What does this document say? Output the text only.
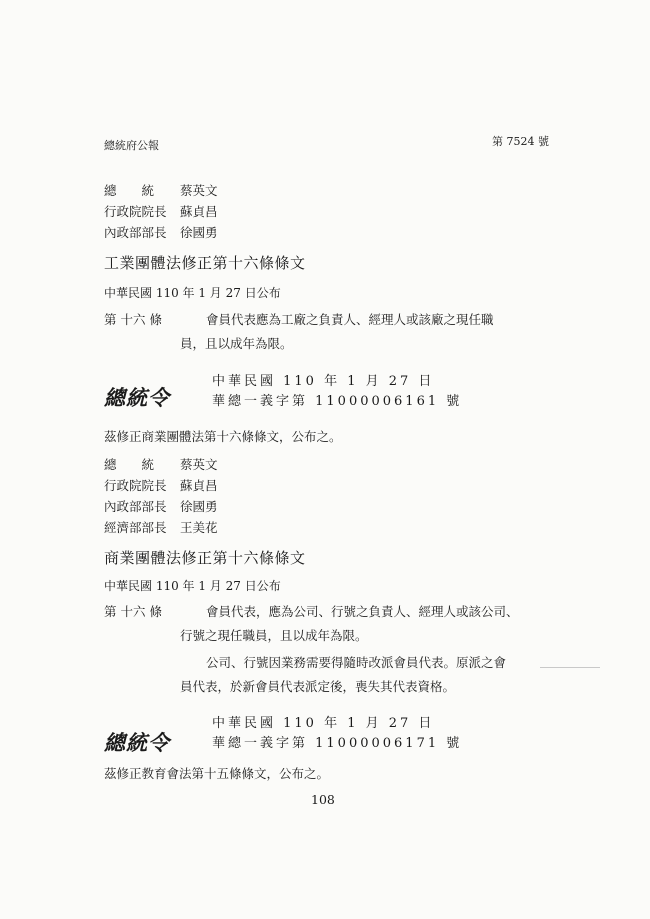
總統府公報	第 7524 號
總　　統 蔡英文
行政院院長 蘇貞昌
內政部部長 徐國勇
工業團體法修正第十六條條文
中華民國 110 年 1 月 27 日公布
第 十六 條	會員代表應為工廠之負責人、經理人或該廠之現任職
員，且以成年為限。
總統令
中華民國 110 年 1 月 27 日
華總一義字第 11000006161 號
茲修正商業團體法第十六條條文，公布之。
總　　統 蔡英文
行政院院長 蘇貞昌
內政部部長 徐國勇
經濟部部長 王美花
商業團體法修正第十六條條文
中華民國 110 年 1 月 27 日公布
第 十六 條	會員代表，應為公司、行號之負責人、經理人或該公司、
行號之現任職員，且以成年為限。
公司、行號因業務需要得隨時改派會員代表。原派之會
員代表，於新會員代表派定後，喪失其代表資格。
總統令
中華民國 110 年 1 月 27 日
華總一義字第 11000006171 號
茲修正教育會法第十五條條文，公布之。
108
